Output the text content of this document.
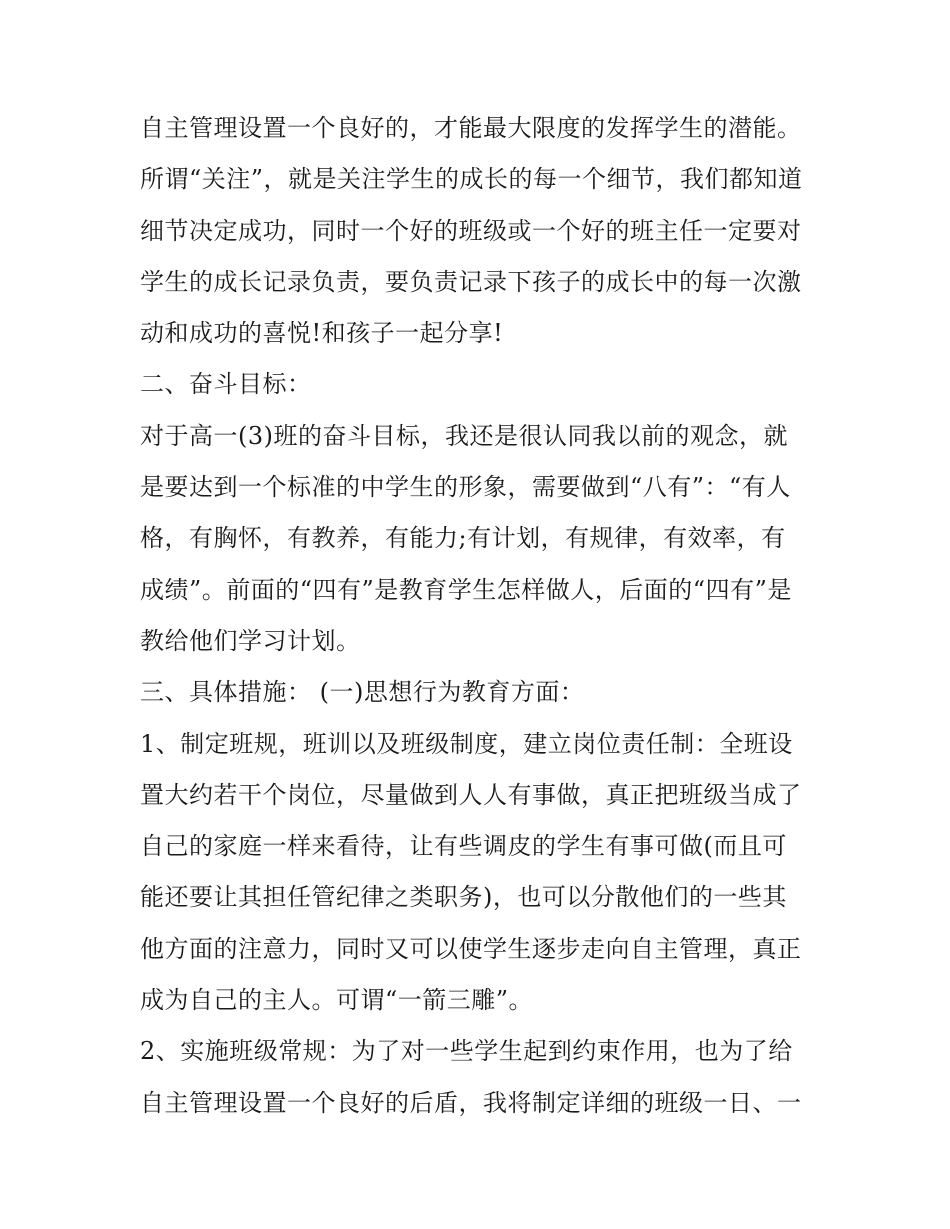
自主管理设置一个良好的，才能最大限度的发挥学生的潜能。
所谓“关注”，就是关注学生的成长的每一个细节，我们都知道
细节决定成功，同时一个好的班级或一个好的班主任一定要对
学生的成长记录负责，要负责记录下孩子的成长中的每一次激
动和成功的喜悦!和孩子一起分享!
二、奋斗目标：
对于高一(3)班的奋斗目标，我还是很认同我以前的观念，就
是要达到一个标准的中学生的形象，需要做到“八有”：“有人
格，有胸怀，有教养，有能力;有计划，有规律，有效率，有
成绩”。前面的“四有”是教育学生怎样做人，后面的“四有”是
教给他们学习计划。
三、具体措施： (一)思想行为教育方面：
1、制定班规，班训以及班级制度，建立岗位责任制：全班设
置大约若干个岗位，尽量做到人人有事做，真正把班级当成了
自己的家庭一样来看待，让有些调皮的学生有事可做(而且可
能还要让其担任管纪律之类职务)，也可以分散他们的一些其
他方面的注意力，同时又可以使学生逐步走向自主管理，真正
成为自己的主人。可谓“一箭三雕”。
2、实施班级常规：为了对一些学生起到约束作用，也为了给
自主管理设置一个良好的后盾，我将制定详细的班级一日、一
